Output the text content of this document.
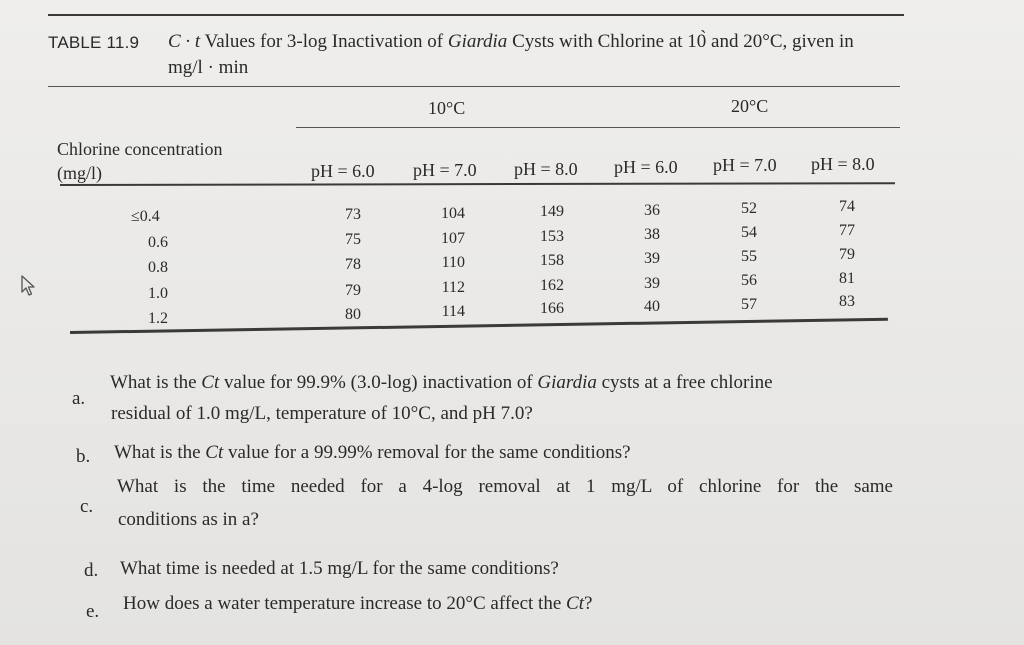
TABLE 11.9 C · t Values for 3-log Inactivation of Giardia Cysts with Chlorine at 10 and 20°C, given in
mg/l · min
10°C	20°C
Chlorine concentration
(mg/l)	pH = 6.0 pH = 7.0 pH = 8.0 pH = 6.0 pH = 7.0 pH = 8.0
≤0.4	73	104	149	36	52	74
0.6	75	107	153	38	54	77
0.8	78	110	158	39	55	79
1.0	79	112	162	39	56	81
1.2	80	114	166	40	57	83
a.
What is the Ct value for 99.9% (3.0-log) inactivation of Giardia cysts at a free chlorine
residual of 1.0 mg/L, temperature of 10°C, and pH 7.0?
b. What is the Ct value for a 99.99% removal for the same conditions?
c.
What is the time needed for a 4-log removal at 1 mg/L of chlorine for the same
conditions as in a?
d. What time is needed at 1.5 mg/L for the same conditions?
e. How does a water temperature increase to 20°C affect the Ct?
